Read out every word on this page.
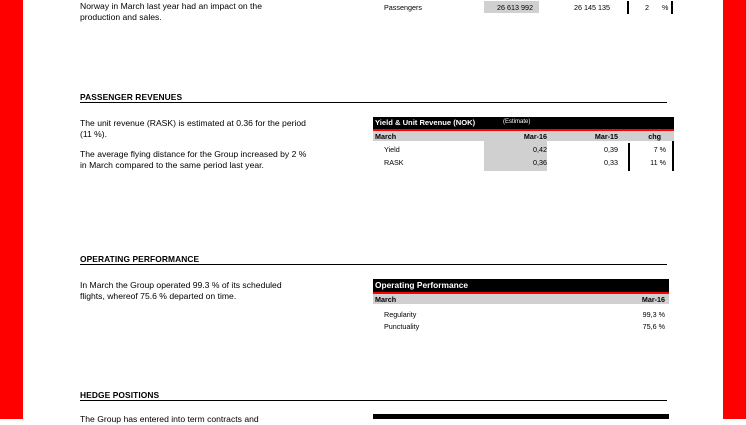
Norway in March last year had an impact on the
production and sales.
Passengers	26 613 992	26 145 135	2 %
PASSENGER REVENUES
The unit revenue (RASK) is estimated at 0.36 for the period
(11 %).
The average flying distance for the Group increased by 2 %
in March compared to the same period last year.
Yield & Unit Revenue (NOK)	(Estimate)
March	Mar-16	Mar-15	chg
Yield	0,42	0,39	7 %
RASK	0,36	0,33	11 %
OPERATING PERFORMANCE
In March the Group operated 99.3 % of its scheduled
flights, whereof 75.6 % departed on time.
Operating Performance
March	Mar-16
Regularity	99,3 %
Punctuality	75,6 %
HEDGE POSITIONS
The Group has entered into term contracts and
